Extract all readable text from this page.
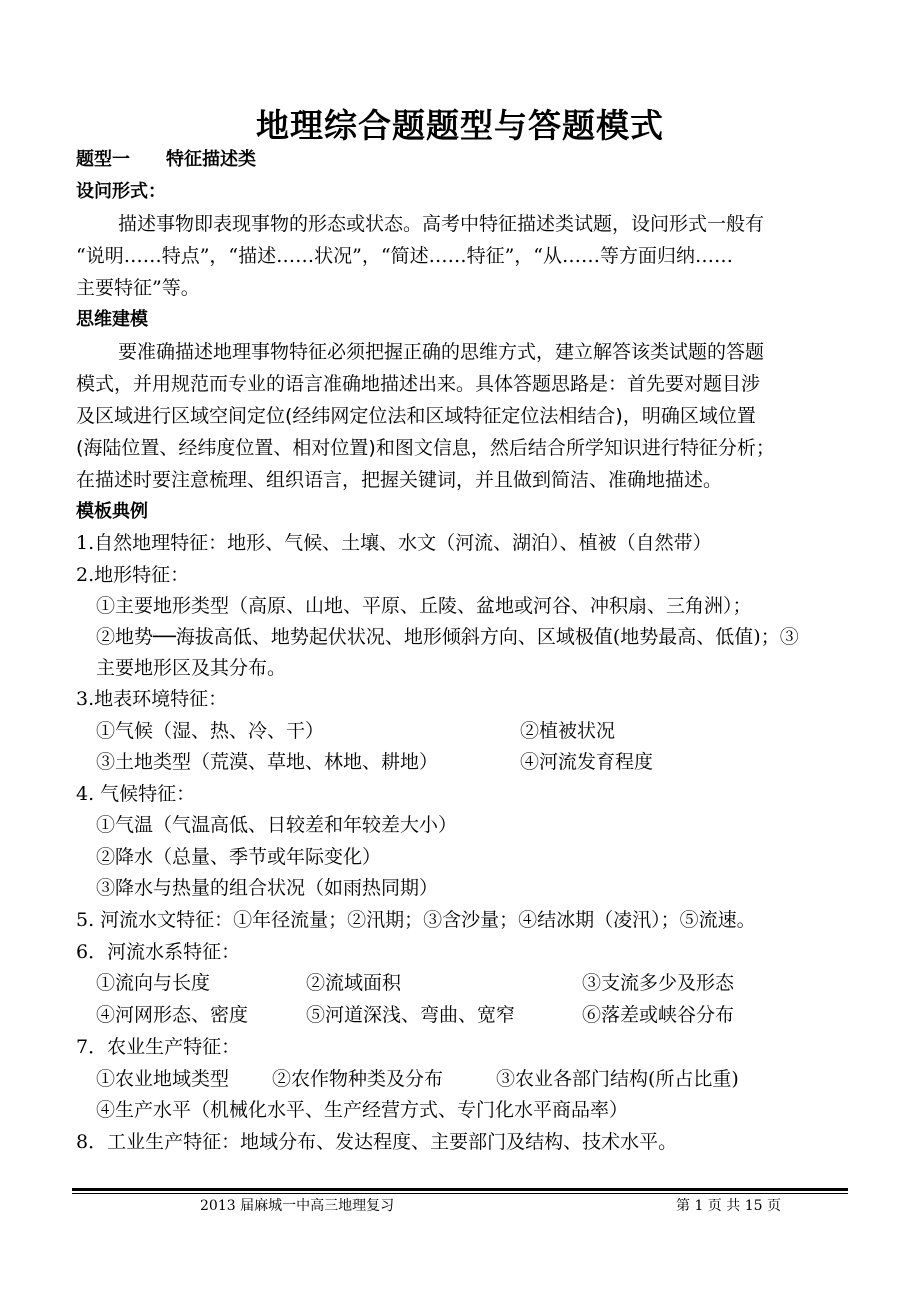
地理综合题题型与答题模式
题型一　　特征描述类
设问形式：
描述事物即表现事物的形态或状态。高考中特征描述类试题，设问形式一般有
“说明……特点”，“描述……状况”，“简述……特征”，“从……等方面归纳……
主要特征”等。
思维建模
要准确描述地理事物特征必须把握正确的思维方式，建立解答该类试题的答题
模式，并用规范而专业的语言准确地描述出来。具体答题思路是：首先要对题目涉
及区域进行区域空间定位(经纬网定位法和区域特征定位法相结合)，明确区域位置
(海陆位置、经纬度位置、相对位置)和图文信息，然后结合所学知识进行特征分析；
在描述时要注意梳理、组织语言，把握关键词，并且做到简洁、准确地描述。
模板典例
1.自然地理特征：地形、气候、土壤、水文（河流、湖泊）、植被（自然带）
2.地形特征：
①主要地形类型（高原、山地、平原、丘陵、盆地或河谷、冲积扇、三角洲）；
②地势──海拔高低、地势起伏状况、地形倾斜方向、区域极值(地势最高、低值)；③
主要地形区及其分布。
3.地表环境特征：
①气候（湿、热、冷、干）	②植被状况
③土地类型（荒漠、草地、林地、耕地）	④河流发育程度
4. 气候特征：
①气温（气温高低、日较差和年较差大小）
②降水（总量、季节或年际变化）
③降水与热量的组合状况（如雨热同期）
5. 河流水文特征：①年径流量；②汛期；③含沙量；④结冰期（凌汛）；⑤流速。
6．河流水系特征：
①流向与长度	②流域面积	③支流多少及形态
④河网形态、密度	⑤河道深浅、弯曲、宽窄	⑥落差或峡谷分布
7．农业生产特征：
①农业地域类型 ②农作物种类及分布	③农业各部门结构(所占比重)
④生产水平（机械化水平、生产经营方式、专门化水平商品率）
8．工业生产特征：地域分布、发达程度、主要部门及结构、技术水平。
2013 届麻城一中高三地理复习	第 1 页 共 15 页
